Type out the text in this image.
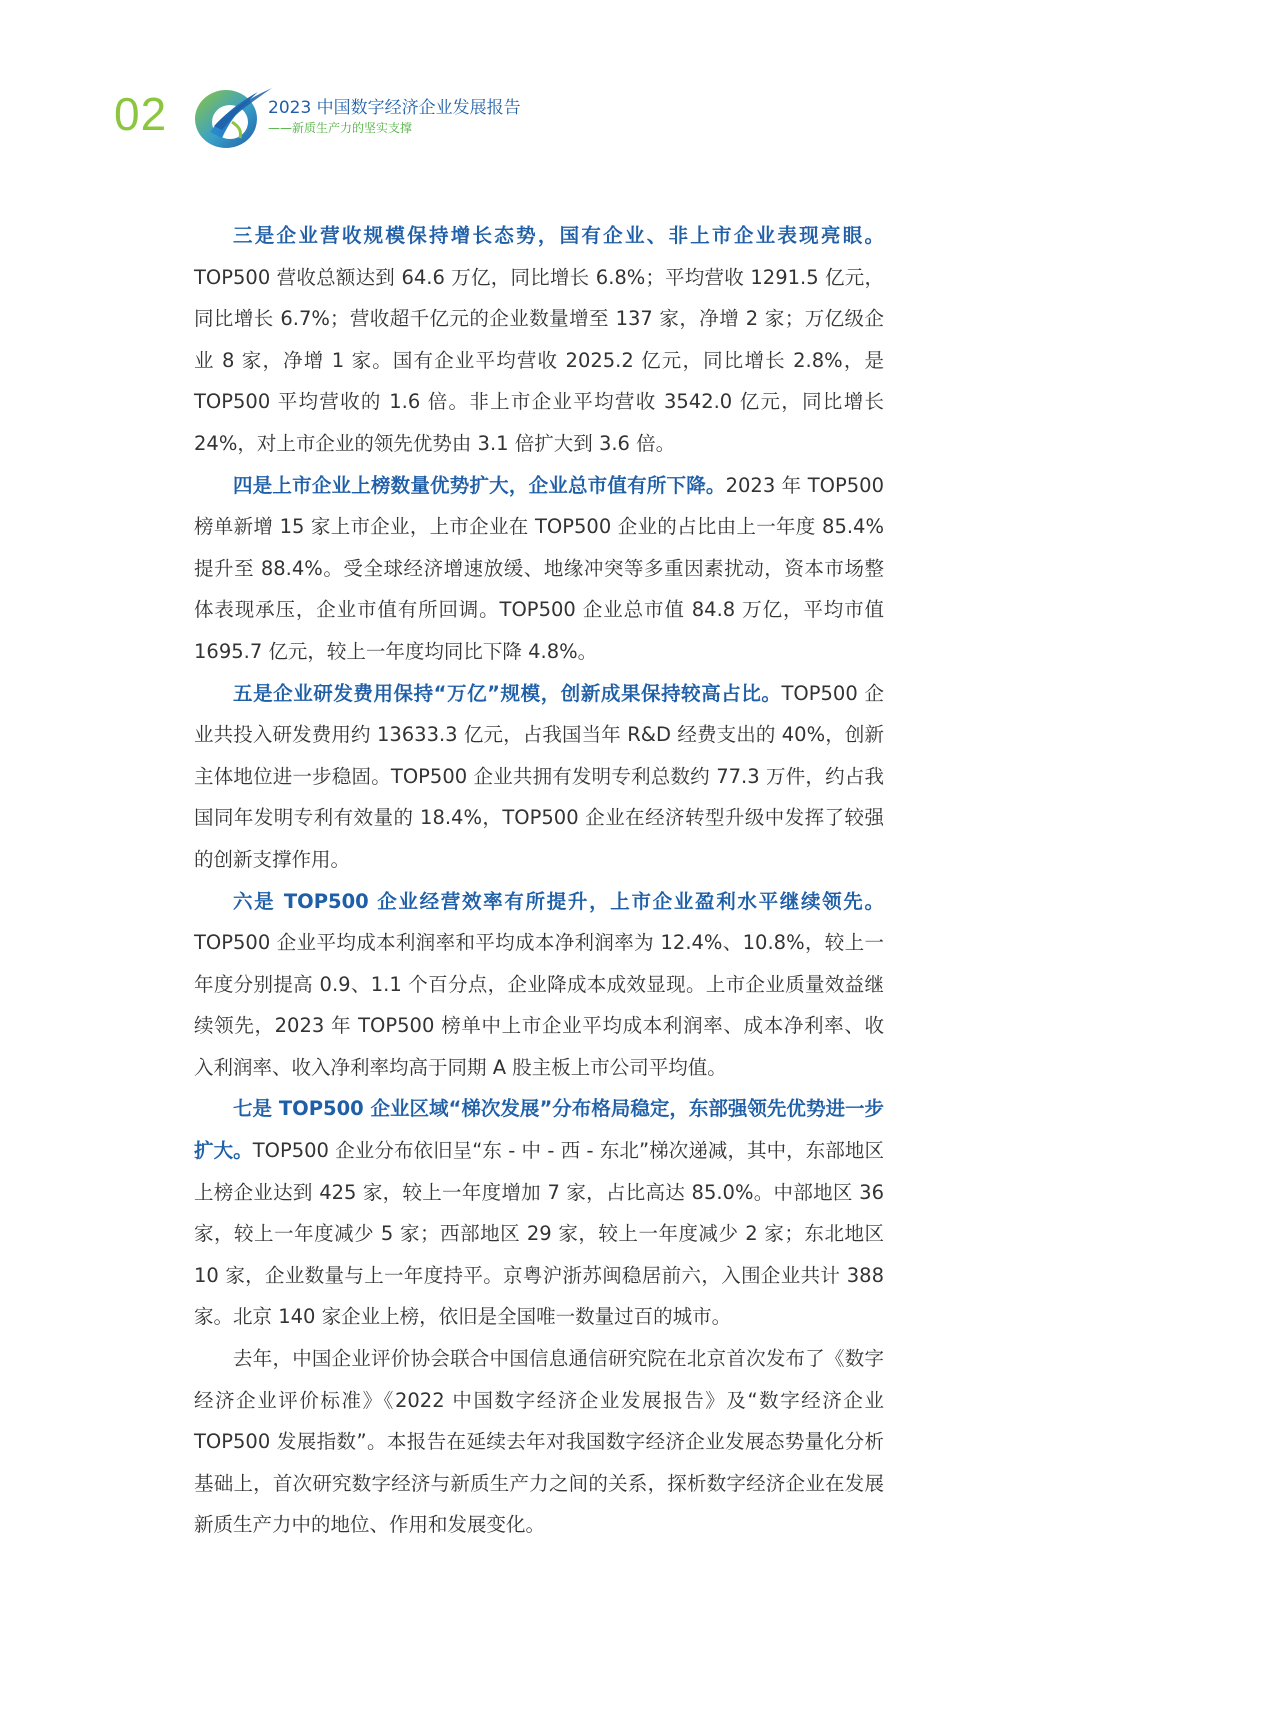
02	2023 中国数字经济企业发展报告
——新质生产力的坚实支撑

三是企业营收规模保持增长态势，国有企业、非上市企业表现亮眼。TOP500 营收总额达到 64.6 万亿，同比增长 6.8%；平均营收 1291.5 亿元，同比增长 6.7%；营收超千亿元的企业数量增至 137 家，净增 2 家；万亿级企业 8 家，净增 1 家。国有企业平均营收 2025.2 亿元，同比增长 2.8%，是 TOP500 平均营收的 1.6 倍。非上市企业平均营收 3542.0 亿元，同比增长 24%，对上市企业的领先优势由 3.1 倍扩大到 3.6 倍。

四是上市企业上榜数量优势扩大，企业总市值有所下降。2023 年 TOP500 榜单新增 15 家上市企业，上市企业在 TOP500 企业的占比由上一年度 85.4% 提升至 88.4%。受全球经济增速放缓、地缘冲突等多重因素扰动，资本市场整体表现承压，企业市值有所回调。TOP500 企业总市值 84.8 万亿，平均市值 1695.7 亿元，较上一年度均同比下降 4.8%。

五是企业研发费用保持“万亿”规模，创新成果保持较高占比。TOP500 企业共投入研发费用约 13633.3 亿元，占我国当年 R&D 经费支出的 40%，创新主体地位进一步稳固。TOP500 企业共拥有发明专利总数约 77.3 万件，约占我国同年发明专利有效量的 18.4%，TOP500 企业在经济转型升级中发挥了较强的创新支撑作用。

六是 TOP500 企业经营效率有所提升，上市企业盈利水平继续领先。TOP500 企业平均成本利润率和平均成本净利润率为 12.4%、10.8%，较上一年度分别提高 0.9、1.1 个百分点，企业降成本成效显现。上市企业质量效益继续领先，2023 年 TOP500 榜单中上市企业平均成本利润率、成本净利率、收入利润率、收入净利率均高于同期 A 股主板上市公司平均值。

七是 TOP500 企业区域“梯次发展”分布格局稳定，东部强领先优势进一步扩大。TOP500 企业分布依旧呈“东 - 中 - 西 - 东北”梯次递减，其中，东部地区上榜企业达到 425 家，较上一年度增加 7 家，占比高达 85.0%。中部地区 36 家，较上一年度减少 5 家；西部地区 29 家，较上一年度减少 2 家；东北地区 10 家，企业数量与上一年度持平。京粤沪浙苏闽稳居前六，入围企业共计 388 家。北京 140 家企业上榜，依旧是全国唯一数量过百的城市。

去年，中国企业评价协会联合中国信息通信研究院在北京首次发布了《数字经济企业评价标准》《2022 中国数字经济企业发展报告》及“数字经济企业 TOP500 发展指数”。本报告在延续去年对我国数字经济企业发展态势量化分析基础上，首次研究数字经济与新质生产力之间的关系，探析数字经济企业在发展新质生产力中的地位、作用和发展变化。
